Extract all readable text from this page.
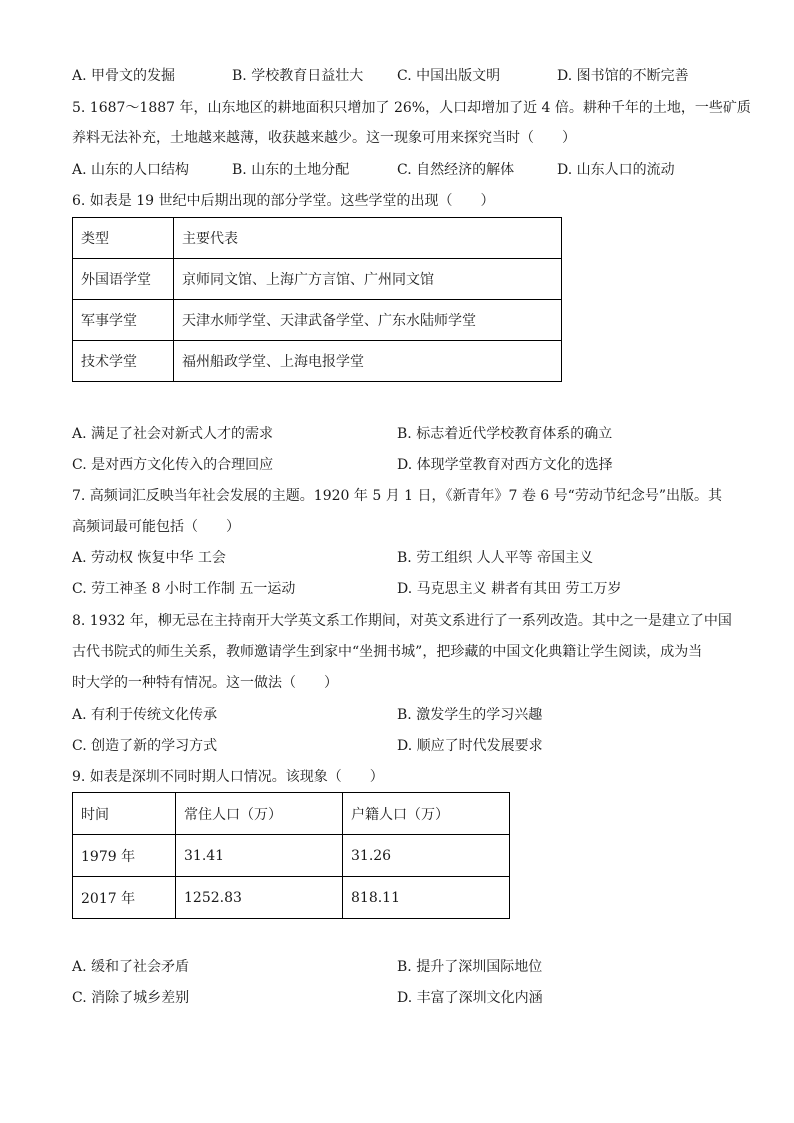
A. 甲骨文的发掘	B. 学校教育日益壮大 C. 中国出版文明	D. 图书馆的不断完善
5. 1687～1887 年，山东地区的耕地面积只增加了 26%，人口却增加了近 4 倍。耕种千年的土地，一些矿质
养料无法补充，土地越来越薄，收获越来越少。这一现象可用来探究当时（　　）
A. 山东的人口结构	B. 山东的土地分配	C. 自然经济的解体	D. 山东人口的流动
6. 如表是 19 世纪中后期出现的部分学堂。这些学堂的出现（　　）
类型	主要代表
外国语学堂	京师同文馆、上海广方言馆、广州同文馆
军事学堂	天津水师学堂、天津武备学堂、广东水陆师学堂
技术学堂	福州船政学堂、上海电报学堂
A. 满足了社会对新式人才的需求	B. 标志着近代学校教育体系的确立
C. 是对西方文化传入的合理回应	D. 体现学堂教育对西方文化的选择
7. 高频词汇反映当年社会发展的主题。1920 年 5 月 1 日，《新青年》7 卷 6 号“劳动节纪念号”出版。其
高频词最可能包括（　　）
A. 劳动权 恢复中华 工会	B. 劳工组织 人人平等 帝国主义
C. 劳工神圣 8 小时工作制 五一运动	D. 马克思主义 耕者有其田 劳工万岁
8. 1932 年，柳无忌在主持南开大学英文系工作期间，对英文系进行了一系列改造。其中之一是建立了中国
古代书院式的师生关系，教师邀请学生到家中“坐拥书城”，把珍藏的中国文化典籍让学生阅读，成为当
时大学的一种特有情况。这一做法（　　）
A. 有利于传统文化传承	B. 激发学生的学习兴趣
C. 创造了新的学习方式	D. 顺应了时代发展要求
9. 如表是深圳不同时期人口情况。该现象（　　）
时间	常住人口（万）	户籍人口（万）
1979 年	31.41	31.26
2017 年	1252.83	818.11
A. 缓和了社会矛盾	B. 提升了深圳国际地位
C. 消除了城乡差别	D. 丰富了深圳文化内涵
